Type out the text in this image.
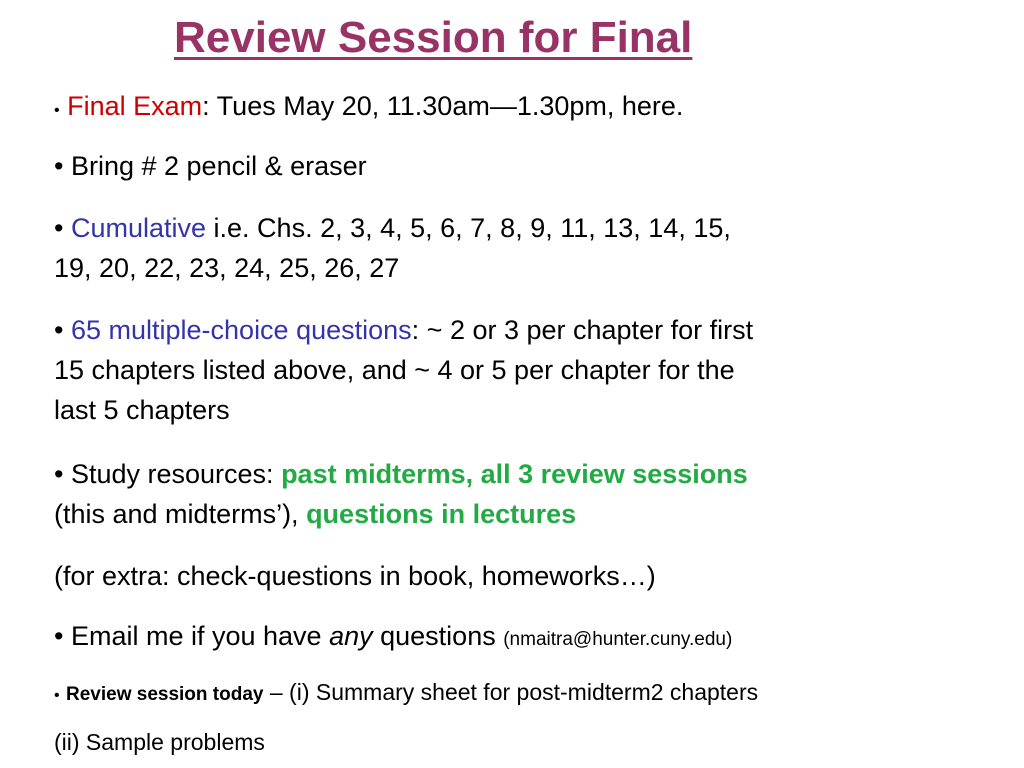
Review Session for Final
• Final Exam: Tues May 20, 11.30am—1.30pm, here.
• Bring # 2 pencil & eraser
• Cumulative i.e. Chs. 2, 3, 4, 5, 6, 7, 8, 9, 11, 13, 14, 15,
19, 20, 22, 23, 24, 25, 26, 27
• 65 multiple-choice questions: ~ 2 or 3 per chapter for first
15 chapters listed above, and ~ 4 or 5 per chapter for the
last 5 chapters
• Study resources: past midterms, all 3 review sessions
(this and midterms’), questions in lectures
(for extra: check-questions in book, homeworks…)
• Email me if you have any questions (nmaitra@hunter.cuny.edu)
• Review session today – (i) Summary sheet for post-midterm2 chapters
(ii) Sample problems
